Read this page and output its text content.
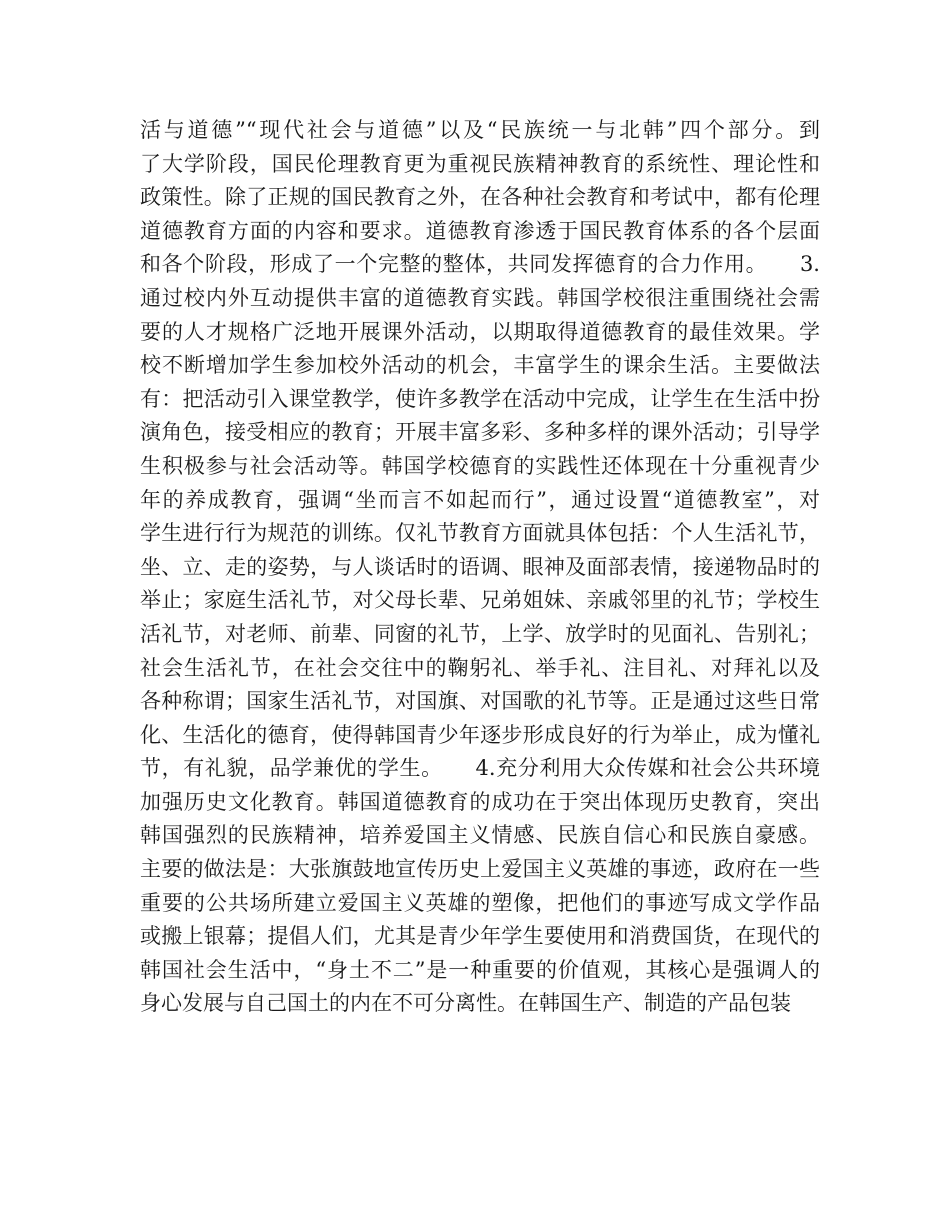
活与道德”“现代社会与道德”以及“民族统一与北韩”四个部分。到
了大学阶段，国民伦理教育更为重视民族精神教育的系统性、理论性和
政策性。除了正规的国民教育之外，在各种社会教育和考试中，都有伦理
道德教育方面的内容和要求。道德教育渗透于国民教育体系的各个层面
和各个阶段，形成了一个完整的整体，共同发挥德育的合力作用。　　3.
通过校内外互动提供丰富的道德教育实践。韩国学校很注重围绕社会需
要的人才规格广泛地开展课外活动，以期取得道德教育的最佳效果。学
校不断增加学生参加校外活动的机会，丰富学生的课余生活。主要做法
有：把活动引入课堂教学，使许多教学在活动中完成，让学生在生活中扮
演角色，接受相应的教育；开展丰富多彩、多种多样的课外活动；引导学
生积极参与社会活动等。韩国学校德育的实践性还体现在十分重视青少
年的养成教育，强调“坐而言不如起而行”，通过设置“道德教室”，对
学生进行行为规范的训练。仅礼节教育方面就具体包括：个人生活礼节，
坐、立、走的姿势，与人谈话时的语调、眼神及面部表情，接递物品时的
举止；家庭生活礼节，对父母长辈、兄弟姐妹、亲戚邻里的礼节；学校生
活礼节，对老师、前辈、同窗的礼节，上学、放学时的见面礼、告别礼；
社会生活礼节，在社会交往中的鞠躬礼、举手礼、注目礼、对拜礼以及
各种称谓；国家生活礼节，对国旗、对国歌的礼节等。正是通过这些日常
化、生活化的德育，使得韩国青少年逐步形成良好的行为举止，成为懂礼
节，有礼貌，品学兼优的学生。　　4.充分利用大众传媒和社会公共环境
加强历史文化教育。韩国道德教育的成功在于突出体现历史教育，突出
韩国强烈的民族精神，培养爱国主义情感、民族自信心和民族自豪感。
主要的做法是：大张旗鼓地宣传历史上爱国主义英雄的事迹，政府在一些
重要的公共场所建立爱国主义英雄的塑像，把他们的事迹写成文学作品
或搬上银幕；提倡人们，尤其是青少年学生要使用和消费国货，在现代的
韩国社会生活中，“身土不二”是一种重要的价值观，其核心是强调人的
身心发展与自己国土的内在不可分离性。在韩国生产、制造的产品包装
